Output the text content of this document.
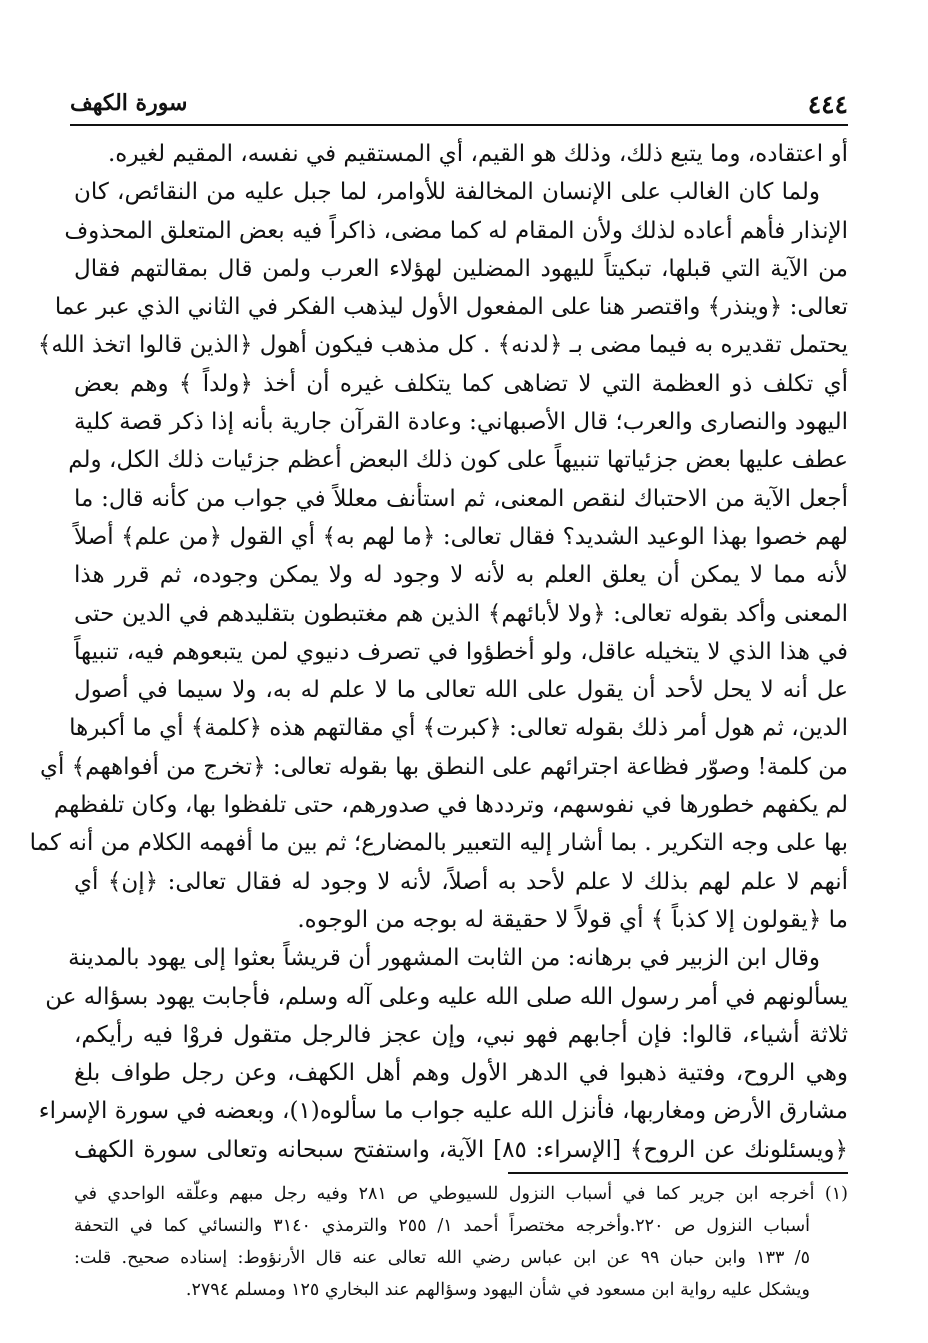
٤٤٤
سورة الكهف
أو اعتقاده، وما يتبع ذلك، وذلك هو القيم، أي المستقيم في نفسه، المقيم لغيره.
ولما كان الغالب على الإنسان المخالفة للأوامر، لما جبل عليه من النقائص، كان
الإنذار فأهم أعاده لذلك ولأن المقام له كما مضى، ذاكراً فيه بعض المتعلق المحذوف
من الآية التي قبلها، تبكيتاً لليهود المضلين لهؤلاء العرب ولمن قال بمقالتهم فقال
تعالى: ﴿وينذر﴾ واقتصر هنا على المفعول الأول ليذهب الفكر في الثاني الذي عبر عما
يحتمل تقديره به فيما مضى بـ ﴿لدنه﴾ . كل مذهب فيكون أهول ﴿الذين قالوا اتخذ الله﴾
أي تكلف ذو العظمة التي لا تضاهى كما يتكلف غيره أن أخذ ﴿ولداً ﴾ وهم بعض
اليهود والنصارى والعرب؛ قال الأصبهاني: وعادة القرآن جارية بأنه إذا ذكر قصة كلية
عطف عليها بعض جزئياتها تنبيهاً على كون ذلك البعض أعظم جزئيات ذلك الكل، ولم
أجعل الآية من الاحتباك لنقص المعنى، ثم استأنف معللاً في جواب من كأنه قال: ما
لهم خصوا بهذا الوعيد الشديد؟ فقال تعالى: ﴿ما لهم به﴾ أي القول ﴿من علم﴾ أصلاً
لأنه مما لا يمكن أن يعلق العلم به لأنه لا وجود له ولا يمكن وجوده، ثم قرر هذا
المعنى وأكد بقوله تعالى: ﴿ولا لأبائهم﴾ الذين هم مغتبطون بتقليدهم في الدين حتى
في هذا الذي لا يتخيله عاقل، ولو أخطؤوا في تصرف دنيوي لمن يتبعوهم فيه، تنبيهاً
عل أنه لا يحل لأحد أن يقول على الله تعالى ما لا علم له به، ولا سيما في أصول
الدين، ثم هول أمر ذلك بقوله تعالى: ﴿كبرت﴾ أي مقالتهم هذه ﴿كلمة﴾ أي ما أكبرها
من كلمة! وصوّر فظاعة اجترائهم على النطق بها بقوله تعالى: ﴿تخرج من أفواههم﴾ أي
لم يكفهم خطورها في نفوسهم، وترددها في صدورهم، حتى تلفظوا بها، وكان تلفظهم
بها على وجه التكرير . بما أشار إليه التعبير بالمضارع؛ ثم بين ما أفهمه الكلام من أنه كما
أنهم لا علم لهم بذلك لا علم لأحد به أصلاً، لأنه لا وجود له فقال تعالى: ﴿إن﴾ أي
ما ﴿يقولون إلا كذباً ﴾ أي قولاً لا حقيقة له بوجه من الوجوه.
وقال ابن الزبير في برهانه: من الثابت المشهور أن قريشاً بعثوا إلى يهود بالمدينة
يسألونهم في أمر رسول الله صلى الله عليه وعلى آله وسلم، فأجابت يهود بسؤاله عن
ثلاثة أشياء، قالوا: فإن أجابهم فهو نبي، وإن عجز فالرجل متقول فروْا فيه رأيكم،
وهي الروح، وفتية ذهبوا في الدهر الأول وهم أهل الكهف، وعن رجل طواف بلغ
مشارق الأرض ومغاربها، فأنزل الله عليه جواب ما سألوه(١)، وبعضه في سورة الإسراء
﴿ويسئلونك عن الروح﴾ [الإسراء: ٨٥] الآية، واستفتح سبحانه وتعالى سورة الكهف
(١) أخرجه ابن جرير كما في أسباب النزول للسيوطي ص ٢٨١ وفيه رجل مبهم وعلّقه الواحدي في
أسباب النزول ص ٢٢٠.وأخرجه مختصراً أحمد ١/ ٢٥٥ والترمذي ٣١٤٠ والنسائي كما في التحفة
٥/ ١٣٣ وابن حبان ٩٩ عن ابن عباس رضي الله تعالى عنه قال الأرنؤوط: إسناده صحيح. قلت:
ويشكل عليه رواية ابن مسعود في شأن اليهود وسؤالهم عند البخاري ١٢٥ ومسلم ٢٧٩٤.
